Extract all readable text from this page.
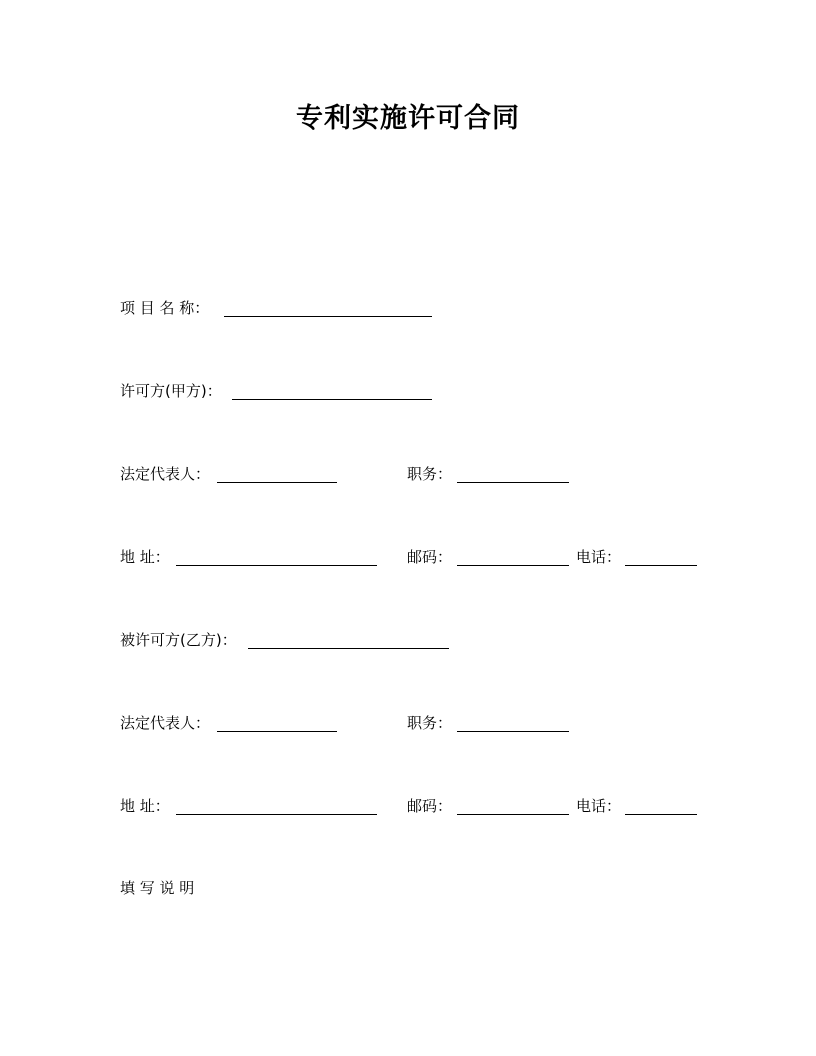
专利实施许可合同
项 目 名 称：
许可方(甲方)：
法定代表人：	职务：
地 址：	邮码：	电话：
被许可方(乙方)：
法定代表人：	职务：
地 址：	邮码：	电话：
填 写 说 明
